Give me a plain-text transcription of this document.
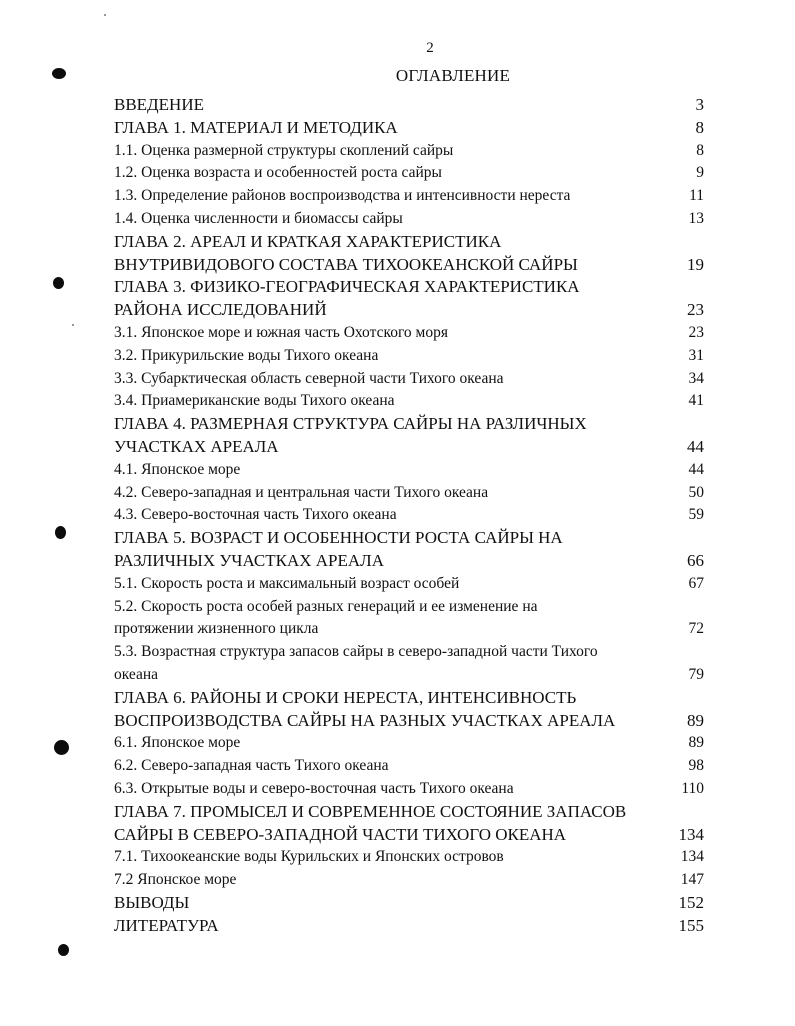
2
ОГЛАВЛЕНИЕ
ВВЕДЕНИЕ	3
ГЛАВА 1. МАТЕРИАЛ И МЕТОДИКА	8
1.1. Оценка размерной структуры скоплений сайры	8
1.2. Оценка возраста и особенностей роста сайры	9
1.3. Определение районов воспроизводства и интенсивности нереста	11
1.4. Оценка численности и биомассы сайры	13
ГЛАВА 2. АРЕАЛ И КРАТКАЯ ХАРАКТЕРИСТИКА
ВНУТРИВИДОВОГО СОСТАВА ТИХООКЕАНСКОЙ САЙРЫ	19
ГЛАВА 3. ФИЗИКО-ГЕОГРАФИЧЕСКАЯ ХАРАКТЕРИСТИКА
РАЙОНА ИССЛЕДОВАНИЙ	23
3.1. Японское море и южная часть Охотского моря	23
3.2. Прикурильские воды Тихого океана	31
3.3. Субарктическая область северной части Тихого океана	34
3.4. Приамериканские воды Тихого океана	41
ГЛАВА 4. РАЗМЕРНАЯ СТРУКТУРА САЙРЫ НА РАЗЛИЧНЫХ
УЧАСТКАХ АРЕАЛА	44
4.1. Японское море	44
4.2. Северо-западная и центральная части Тихого океана	50
4.3. Северо-восточная часть Тихого океана	59
ГЛАВА 5. ВОЗРАСТ И ОСОБЕННОСТИ РОСТА САЙРЫ НА
РАЗЛИЧНЫХ УЧАСТКАХ АРЕАЛА	66
5.1. Скорость роста и максимальный возраст особей	67
5.2. Скорость роста особей разных генераций и ее изменение на
протяжении жизненного цикла	72
5.3. Возрастная структура запасов сайры в северо-западной части Тихого
океана	79
ГЛАВА 6. РАЙОНЫ И СРОКИ НЕРЕСТА, ИНТЕНСИВНОСТЬ
ВОСПРОИЗВОДСТВА САЙРЫ НА РАЗНЫХ УЧАСТКАХ АРЕАЛА	89
6.1. Японское море	89
6.2. Северо-западная часть Тихого океана	98
6.3. Открытые воды и северо-восточная часть Тихого океана	110
ГЛАВА 7. ПРОМЫСЕЛ И СОВРЕМЕННОЕ СОСТОЯНИЕ ЗАПАСОВ
САЙРЫ В СЕВЕРО-ЗАПАДНОЙ ЧАСТИ ТИХОГО ОКЕАНА	134
7.1. Тихоокеанские воды Курильских и Японских островов	134
7.2 Японское море	147
ВЫВОДЫ	152
ЛИТЕРАТУРА	155
